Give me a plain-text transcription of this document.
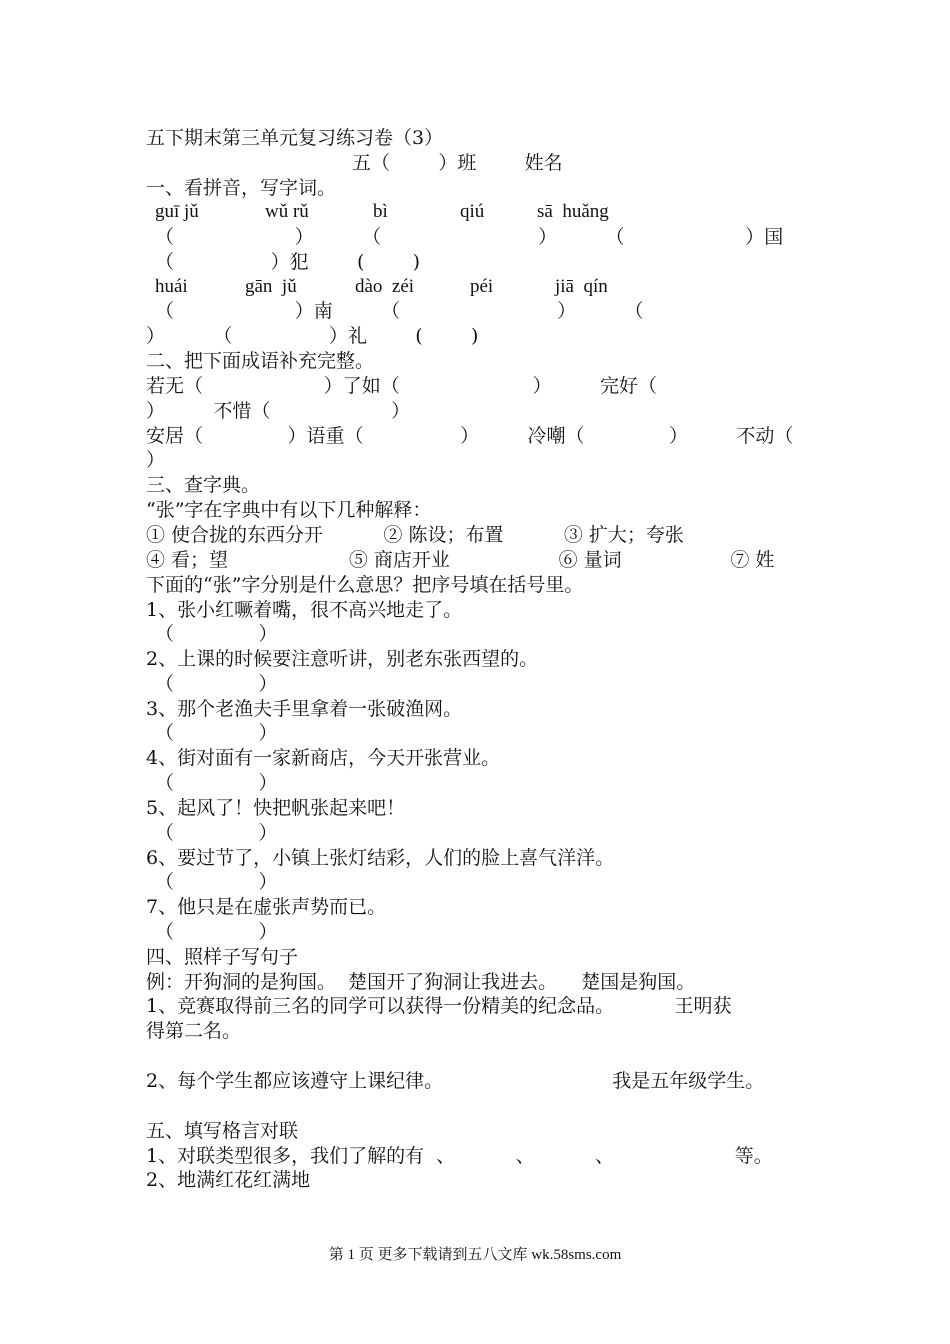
五下期末第三单元复习练习卷（3）
五（        ）班        姓名
一、看拼音，写字词。
guī jǔ	wǔ rǔ	bì	qiú	sā  huǎng
（                    ）        （                          ）        （                    ）国
（                ）犯        (        )
huái	gān  jǔ	dào  zéi	péi	jiā  qín
（                    ）南        （                          ）        （
）        （                ）礼        (        )
二、把下面成语补充完整。
若无（                    ）了如（                      ）        完好（
）        不惜（                    ）
安居（              ）语重（                ）        冷嘲（              ）        不动（
）
三、查字典。
“张”字在字典中有以下几种解释：
① 使合拢的东西分开          ② 陈设；布置          ③ 扩大；夸张
④ 看；望                    ⑤ 商店开业                  ⑥ 量词                  ⑦ 姓
下面的“张”字分别是什么意思？把序号填在括号里。
1、张小红噘着嘴，很不高兴地走了。
（              ）
2、上课的时候要注意听讲，别老东张西望的。
（              ）
3、那个老渔夫手里拿着一张破渔网。
（              ）
4、街对面有一家新商店，今天开张营业。
（              ）
5、起风了！快把帆张起来吧！
（              ）
6、要过节了，小镇上张灯结彩，人们的脸上喜气洋洋。
（              ）
7、他只是在虚张声势而已。
（              ）
四、照样子写句子
例：开狗洞的是狗国。  楚国开了狗洞让我进去。    楚国是狗国。
1、竞赛取得前三名的同学可以获得一份精美的纪念品。          王明获
得第二名。
2、每个学生都应该遵守上课纪律。                            我是五年级学生。
五、填写格言对联
1、对联类型很多，我们了解的有  、          、          、                    等。
2、地满红花红满地
第 1 页 更多下载请到五八文库 wk.58sms.com
